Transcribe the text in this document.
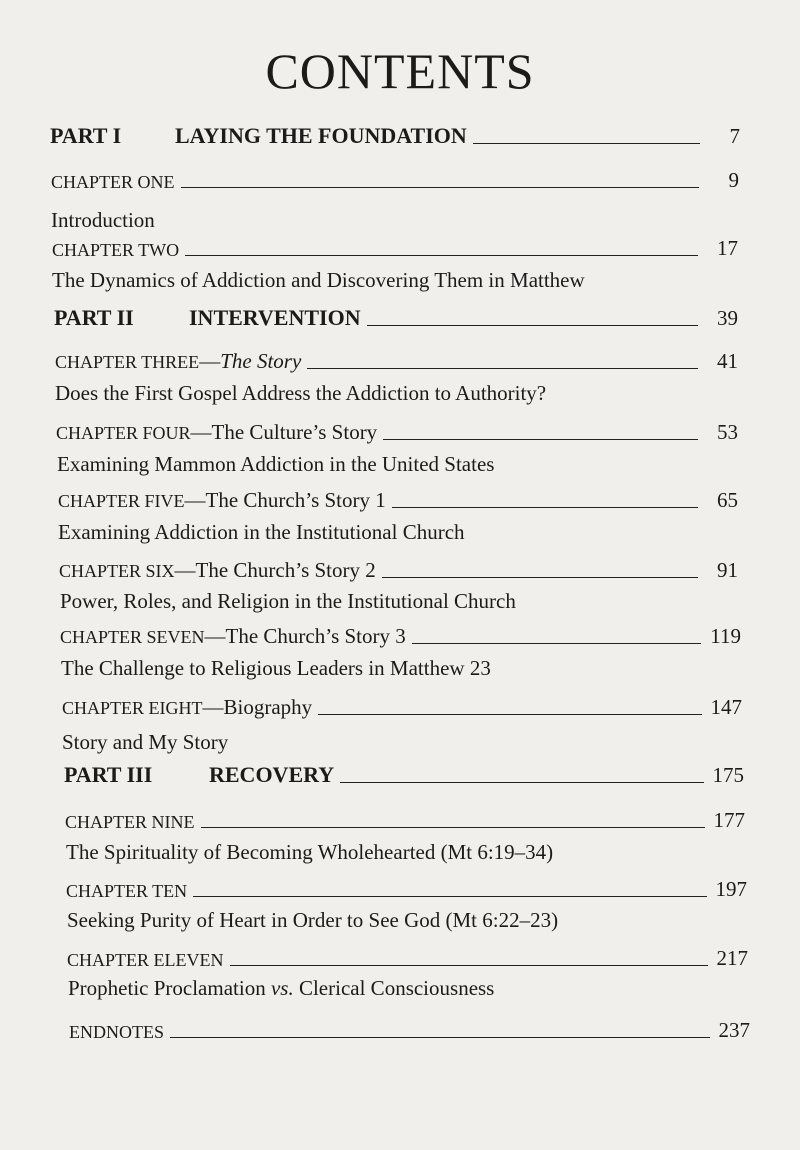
CONTENTS
PART I LAYING THE FOUNDATION	7
CHAPTER ONE	9
Introduction
CHAPTER TWO	17
The Dynamics of Addiction and Discovering Them in Matthew
PART II	INTERVENTION	39
CHAPTER THREE—The Story	41
Does the First Gospel Address the Addiction to Authority?
CHAPTER FOUR—The Culture’s Story	53
Examining Mammon Addiction in the United States
CHAPTER FIVE—The Church’s Story 1	65
Examining Addiction in the Institutional Church
CHAPTER SIX—The Church’s Story 2	91
Power, Roles, and Religion in the Institutional Church
CHAPTER SEVEN—The Church’s Story 3	119
The Challenge to Religious Leaders in Matthew 23
CHAPTER EIGHT—Biography	147
Story and My Story
PART III	RECOVERY	175
CHAPTER NINE	177
The Spirituality of Becoming Wholehearted (Mt 6:19–34)
CHAPTER TEN	197
Seeking Purity of Heart in Order to See God (Mt 6:22–23)
CHAPTER ELEVEN	217
Prophetic Proclamation vs. Clerical Consciousness
ENDNOTES	237
